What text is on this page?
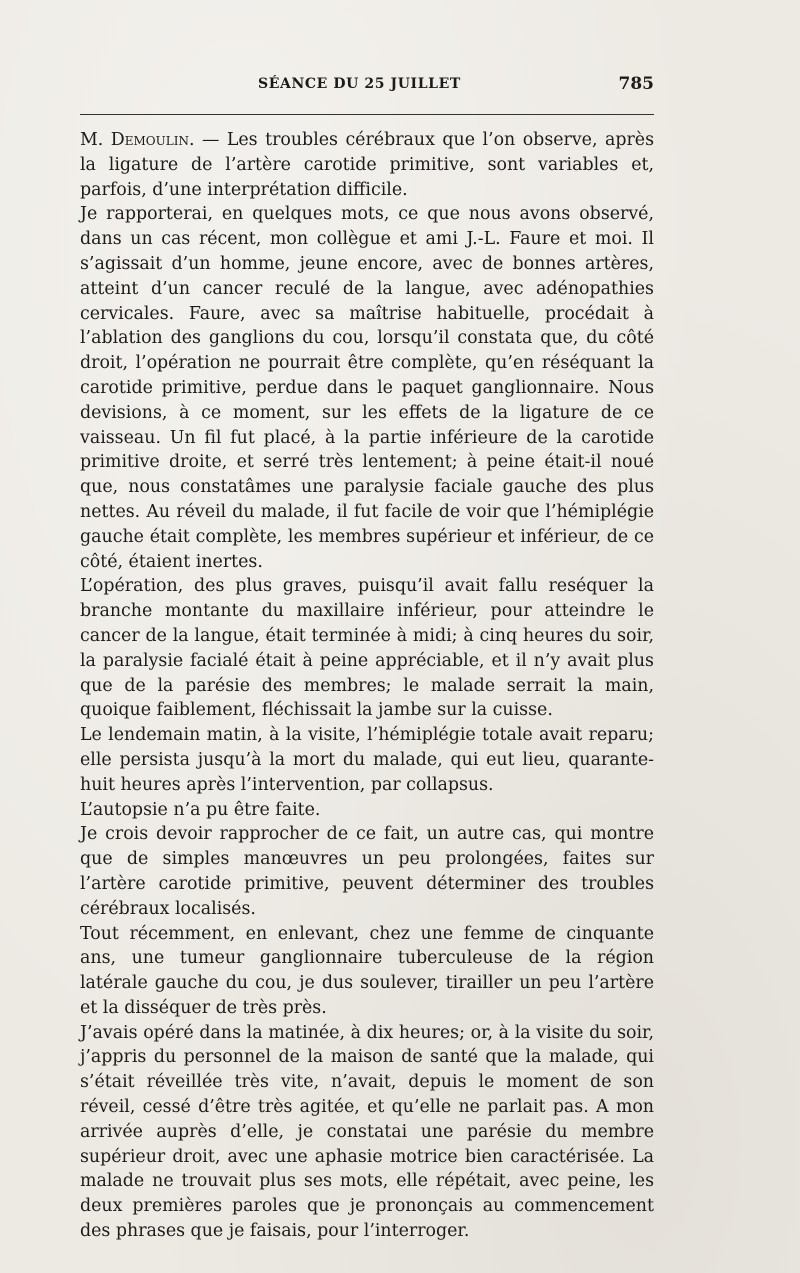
SÉANCE DU 25 JUILLET	785

M. Demoulin. — Les troubles cérébraux que l’on observe, après la ligature de l’artère carotide primitive, sont variables et, parfois, d’une interprétation difficile.

Je rapporterai, en quelques mots, ce que nous avons observé, dans un cas récent, mon collègue et ami J.-L. Faure et moi. Il s’agissait d’un homme, jeune encore, avec de bonnes artères, atteint d’un cancer reculé de la langue, avec adénopathies cervicales. Faure, avec sa maîtrise habituelle, procédait à l’ablation des ganglions du cou, lorsqu’il constata que, du côté droit, l’opération ne pourrait être complète, qu’en réséquant la carotide primitive, perdue dans le paquet ganglionnaire. Nous devisions, à ce moment, sur les effets de la ligature de ce vaisseau. Un fil fut placé, à la partie inférieure de la carotide primitive droite, et serré très lentement; à peine était-il noué que, nous constatâmes une paralysie faciale gauche des plus nettes. Au réveil du malade, il fut facile de voir que l’hémiplégie gauche était complète, les membres supérieur et inférieur, de ce côté, étaient inertes.

L’opération, des plus graves, puisqu’il avait fallu reséquer la branche montante du maxillaire inférieur, pour atteindre le cancer de la langue, était terminée à midi; à cinq heures du soir, la paralysie facialé était à peine appréciable, et il n’y avait plus que de la parésie des membres; le malade serrait la main, quoique faiblement, fléchissait la jambe sur la cuisse.

Le lendemain matin, à la visite, l’hémiplégie totale avait reparu; elle persista jusqu’à la mort du malade, qui eut lieu, quarante-huit heures après l’intervention, par collapsus.

L’autopsie n’a pu être faite.

Je crois devoir rapprocher de ce fait, un autre cas, qui montre que de simples manœuvres un peu prolongées, faites sur l’artère carotide primitive, peuvent déterminer des troubles cérébraux localisés.

Tout récemment, en enlevant, chez une femme de cinquante ans, une tumeur ganglionnaire tuberculeuse de la région latérale gauche du cou, je dus soulever, tirailler un peu l’artère et la disséquer de très près.

J’avais opéré dans la matinée, à dix heures; or, à la visite du soir, j’appris du personnel de la maison de santé que la malade, qui s’était réveillée très vite, n’avait, depuis le moment de son réveil, cessé d’être très agitée, et qu’elle ne parlait pas. A mon arrivée auprès d’elle, je constatai une parésie du membre supérieur droit, avec une aphasie motrice bien caractérisée. La malade ne trouvait plus ses mots, elle répétait, avec peine, les deux premières paroles que je prononçais au commencement des phrases que je faisais, pour l’interroger.
